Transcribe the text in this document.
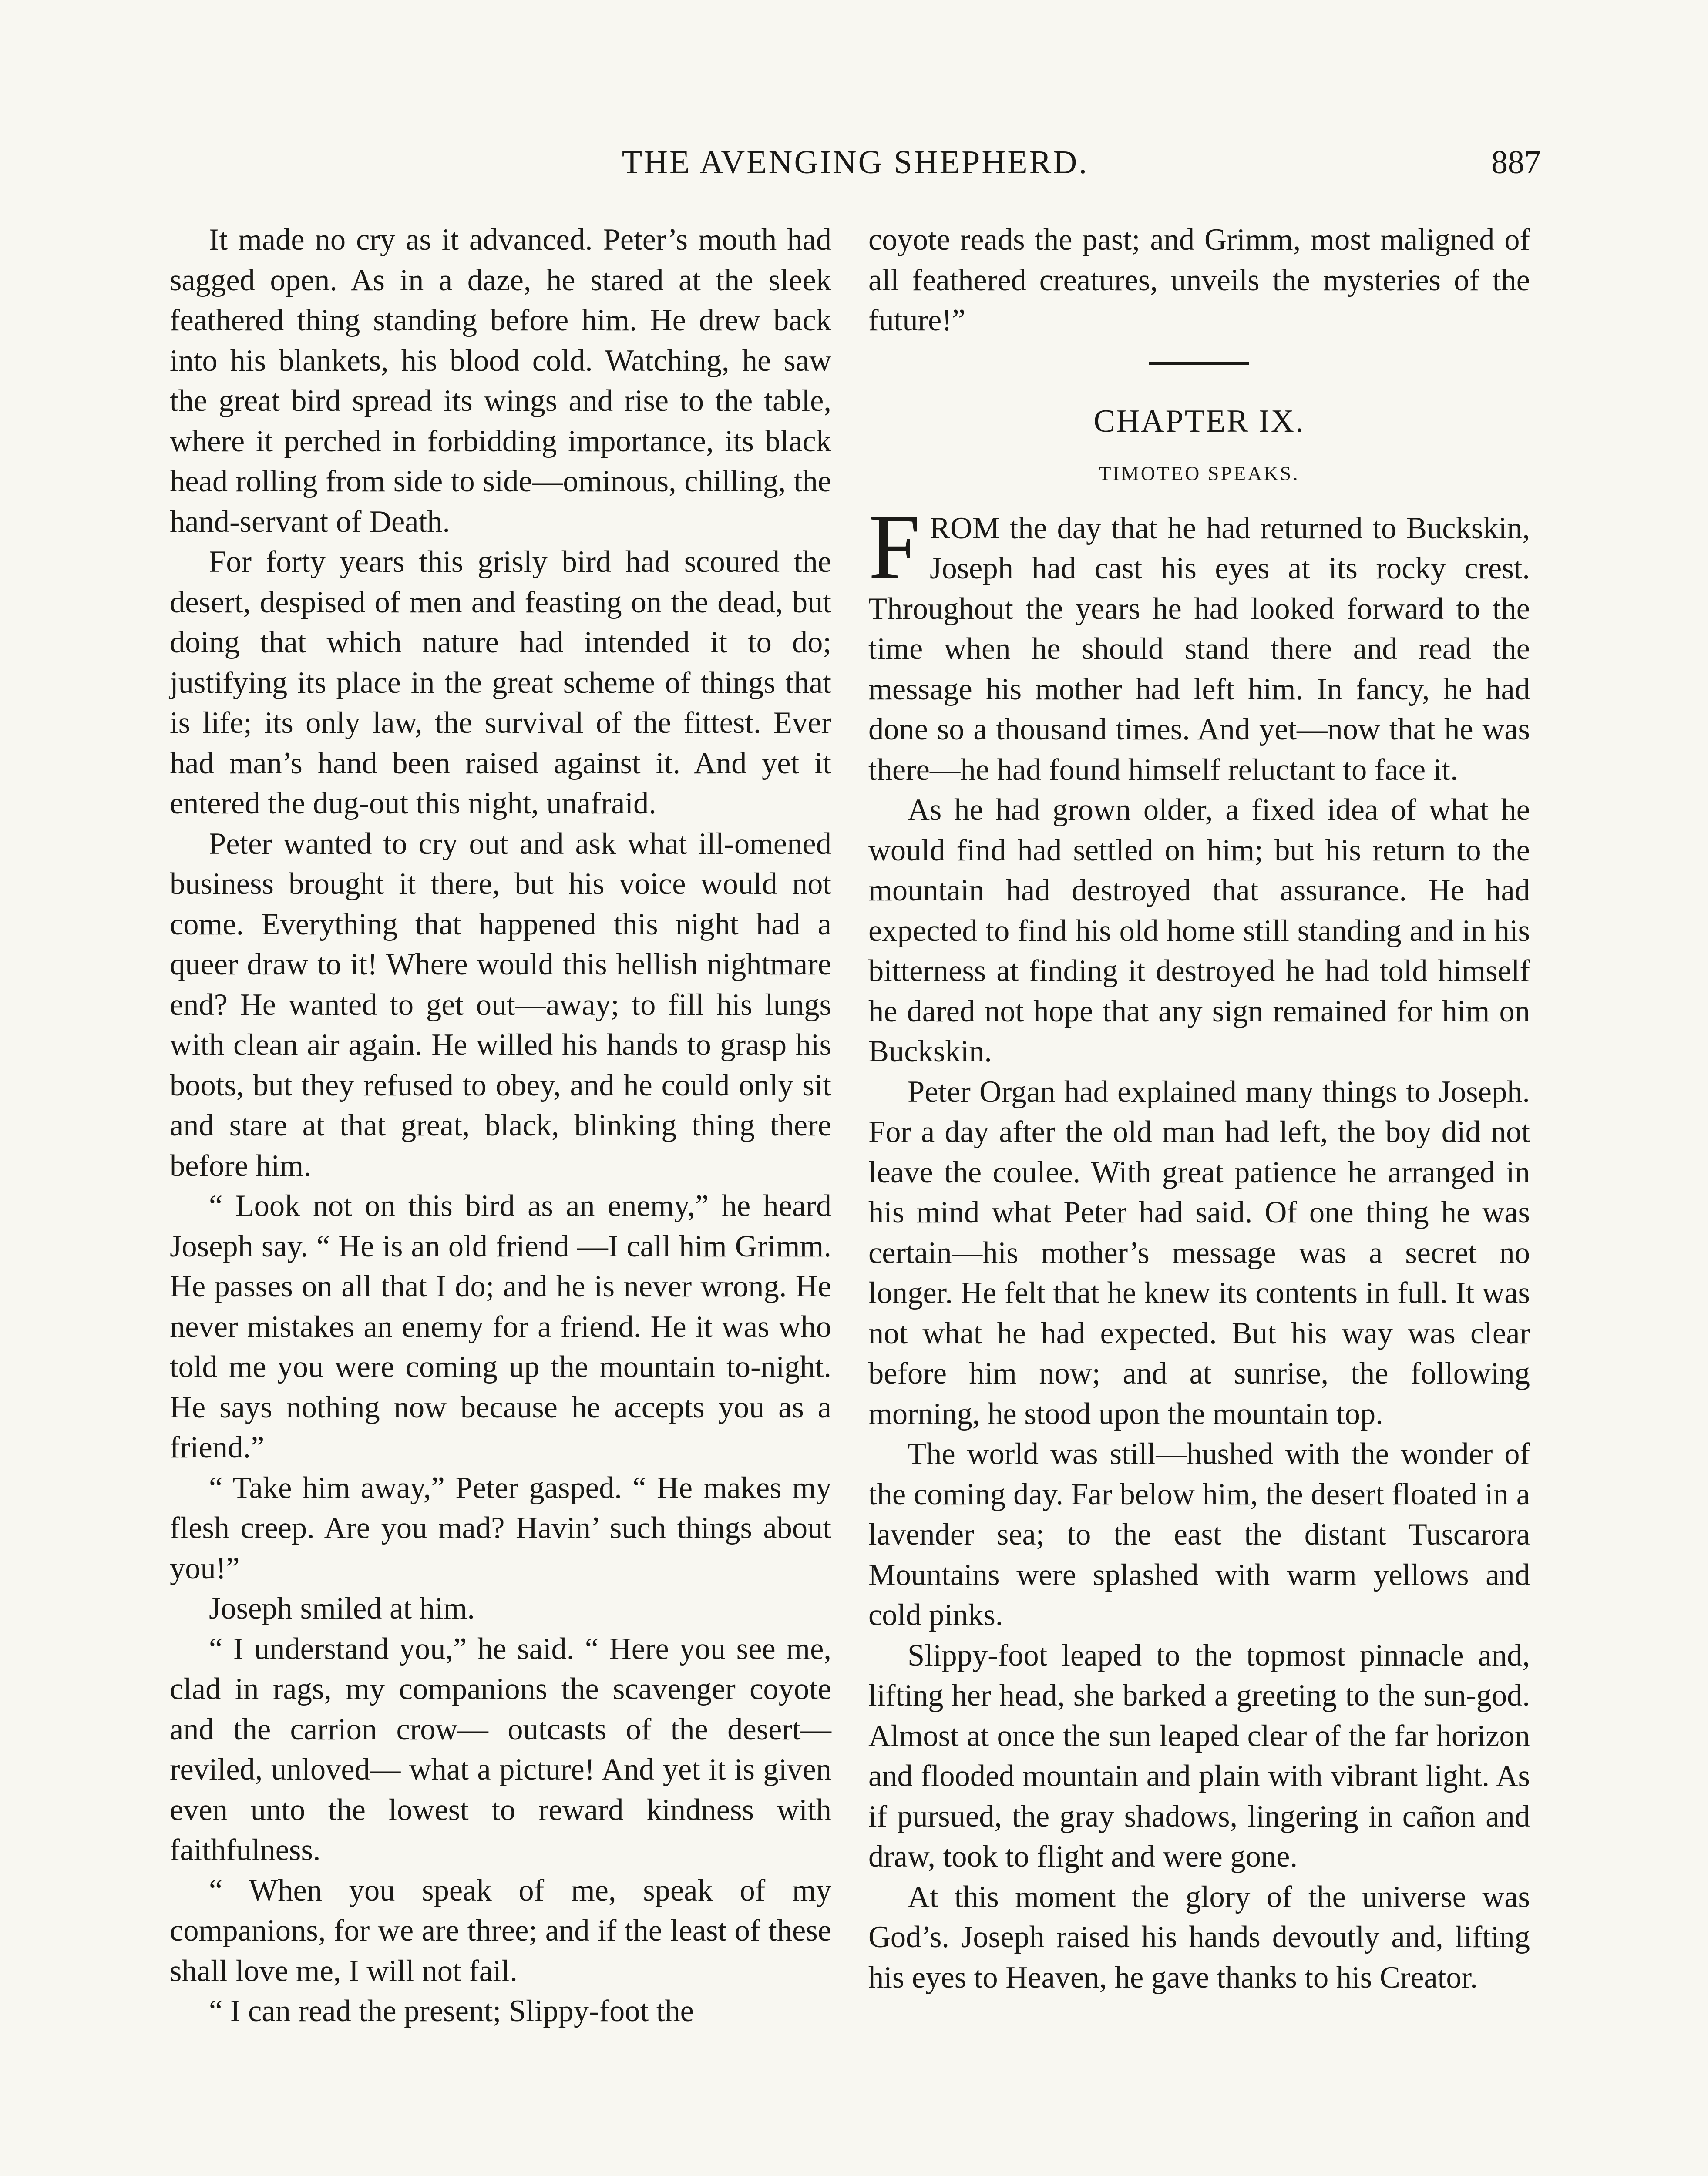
THE AVENGING SHEPHERD.	887

It made no cry as it advanced. Peter’s mouth had sagged open. As in a daze, he stared at the sleek feathered thing standing before him. He drew back into his blankets, his blood cold. Watching, he saw the great bird spread its wings and rise to the table, where it perched in forbidding importance, its black head rolling from side to side—ominous, chilling, the hand-servant of Death.

For forty years this grisly bird had scoured the desert, despised of men and feasting on the dead, but doing that which nature had intended it to do; justifying its place in the great scheme of things that is life; its only law, the survival of the fittest. Ever had man’s hand been raised against it. And yet it entered the dug-out this night, unafraid.

Peter wanted to cry out and ask what ill-omened business brought it there, but his voice would not come. Everything that happened this night had a queer draw to it! Where would this hellish nightmare end? He wanted to get out—away; to fill his lungs with clean air again. He willed his hands to grasp his boots, but they refused to obey, and he could only sit and stare at that great, black, blinking thing there before him.

“ Look not on this bird as an enemy,” he heard Joseph say. “ He is an old friend —I call him Grimm. He passes on all that I do; and he is never wrong. He never mistakes an enemy for a friend. He it was who told me you were coming up the mountain to-night. He says nothing now because he accepts you as a friend.”

“ Take him away,” Peter gasped. “ He makes my flesh creep. Are you mad? Havin’ such things about you!”

Joseph smiled at him.

“ I understand you,” he said. “ Here you see me, clad in rags, my companions the scavenger coyote and the carrion crow— outcasts of the desert—reviled, unloved— what a picture! And yet it is given even unto the lowest to reward kindness with faithfulness.

“ When you speak of me, speak of my companions, for we are three; and if the least of these shall love me, I will not fail.

“ I can read the present; Slippy-foot the

coyote reads the past; and Grimm, most maligned of all feathered creatures, unveils the mysteries of the future!”

CHAPTER IX.
TIMOTEO SPEAKS.

FROM the day that he had returned to Buckskin, Joseph had cast his eyes at its rocky crest. Throughout the years he had looked forward to the time when he should stand there and read the message his mother had left him. In fancy, he had done so a thousand times. And yet—now that he was there—he had found himself reluctant to face it.

As he had grown older, a fixed idea of what he would find had settled on him; but his return to the mountain had destroyed that assurance. He had expected to find his old home still standing and in his bitterness at finding it destroyed he had told himself he dared not hope that any sign remained for him on Buckskin.

Peter Organ had explained many things to Joseph. For a day after the old man had left, the boy did not leave the coulee. With great patience he arranged in his mind what Peter had said. Of one thing he was certain—his mother’s message was a secret no longer. He felt that he knew its contents in full. It was not what he had expected. But his way was clear before him now; and at sunrise, the following morning, he stood upon the mountain top.

The world was still—hushed with the wonder of the coming day. Far below him, the desert floated in a lavender sea; to the east the distant Tuscarora Mountains were splashed with warm yellows and cold pinks.

Slippy-foot leaped to the topmost pinnacle and, lifting her head, she barked a greeting to the sun-god. Almost at once the sun leaped clear of the far horizon and flooded mountain and plain with vibrant light. As if pursued, the gray shadows, lingering in cañon and draw, took to flight and were gone.

At this moment the glory of the universe was God’s. Joseph raised his hands devoutly and, lifting his eyes to Heaven, he gave thanks to his Creator.
